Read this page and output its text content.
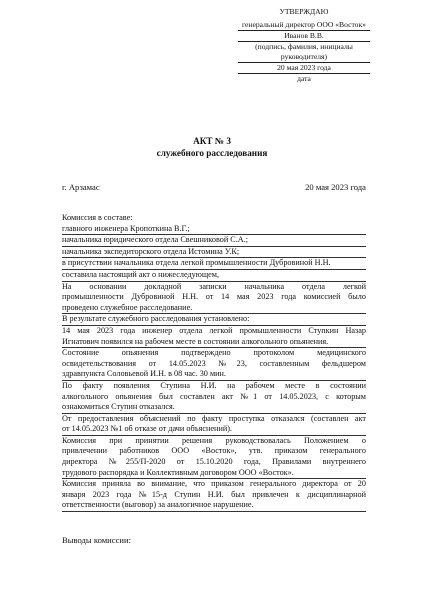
УТВЕРЖДАЮ
генеральный директор ООО «Восток»
Иванов В.В.
(подпись, фамилия, инициалы
руководителя)
20 мая 2023 года
дата
АКТ № 3
служебного расследования
г. Арзамас	20 мая 2023 года
Комиссия в составе:
главного инженера Кропоткина В.Г.;
начальника юридического отдела Свешниковой С.А.;
начальника экспедиторского отдела Истомина У.К;
в присутствии начальника отдела легкой промышленности Дубровиной Н.Н.
составила настоящий акт о нижеследующем,
На основании докладной записки начальника отдела легкой
промышленности Дубровиной Н.Н. от 14 мая 2023 года комиссией было
проведено служебное расследование.
В результате служебного расследования установлено:
14 мая 2023 года инженер отдела легкой промышленности Ступкин Назар
Игнатович появился на рабочем месте в состоянии алкогольного опьянения.
Состояние опьянения подтверждено протоколом медицинского
освидетельствования от 14.05.2023 №23, составленным фельдшером
здравпункта Соловьевой И.Н. в 08 час. 30 мин.
По факту появления Ступина Н.И. на рабочем месте в состоянии
алкогольного опьянения был составлен акт №1 от 14.05.2023, с которым
ознакомиться Ступин отказался.
От предоставления объяснений по факту проступка отказался (составлен акт
от 14.05.2023 №1 об отказе от дачи объяснений).
Комиссия при принятии решения руководствовалась Положением о
привлечении работников ООО «Восток», утв. приказом генерального
директора №255/П-2020 от 15.10.2020 года, Правилами внутреннего
трудового распорядка и Коллективным договором ООО «Восток».
Комиссия приняла во внимание, что приказом генерального директора от 20
января 2023 года №15-д Ступин Н.И. был привлечен к дисциплинарной
ответственности (выговор) за аналогичное нарушение.
Выводы комиссии:
